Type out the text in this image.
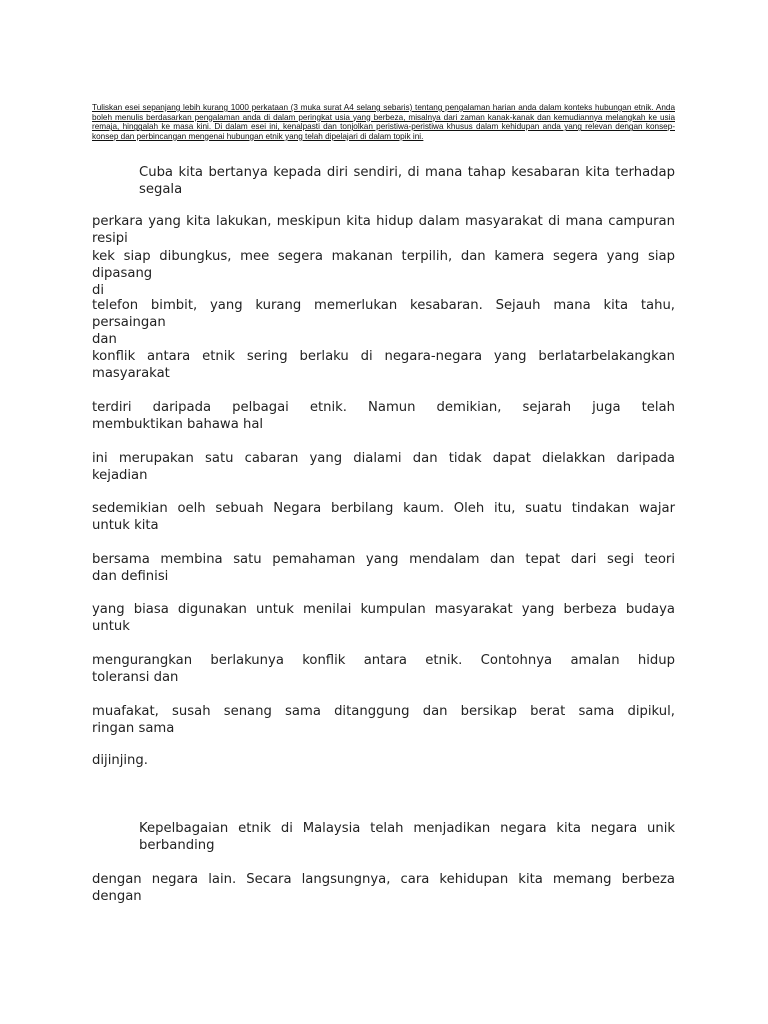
Tuliskan esei sepanjang lebih kurang 1000 perkataan (3 muka surat A4 selang sebaris) tentang pengalaman harian anda dalam konteks hubungan etnik. Anda boleh menulis berdasarkan pengalaman anda di dalam peringkat usia yang berbeza, misalnya dari zaman kanak-kanak dan kemudiannya melangkah ke usia remaja, hinggalah ke masa kini. Di dalam esei ini, kenalpasti dan tonjolkan peristiwa-peristiwa khusus dalam kehidupan anda yang relevan dengan konsep-konsep dan perbincangan mengenai hubungan etnik yang telah dipelajari di dalam topik ini.
Cuba kita bertanya kepada diri sendiri, di mana tahap kesabaran kita terhadap
segala
perkara yang kita lakukan, meskipun kita hidup dalam masyarakat di mana campuran resipi
kek siap dibungkus, mee segera makanan terpilih, dan kamera segera yang siap dipasang
di
telefon bimbit, yang kurang memerlukan kesabaran. Sejauh mana kita tahu, persaingan
dan
konflik antara etnik sering berlaku di negara-negara yang berlatarbelakangkan
masyarakat
terdiri daripada pelbagai etnik. Namun demikian, sejarah juga telah
membuktikan bahawa hal
ini merupakan satu cabaran yang dialami dan tidak dapat dielakkan daripada
kejadian
sedemikian oelh sebuah Negara berbilang kaum. Oleh itu, suatu tindakan wajar
untuk kita
bersama membina satu pemahaman yang mendalam dan tepat dari segi teori
dan definisi
yang biasa digunakan untuk menilai kumpulan masyarakat yang berbeza budaya
untuk
mengurangkan berlakunya konflik antara etnik. Contohnya amalan hidup
toleransi dan
muafakat, susah senang sama ditanggung dan bersikap berat sama dipikul,
ringan sama
dijinjing.
Kepelbagaian etnik di Malaysia telah menjadikan negara kita negara unik
berbanding
dengan negara lain. Secara langsungnya, cara kehidupan kita memang berbeza
dengan
